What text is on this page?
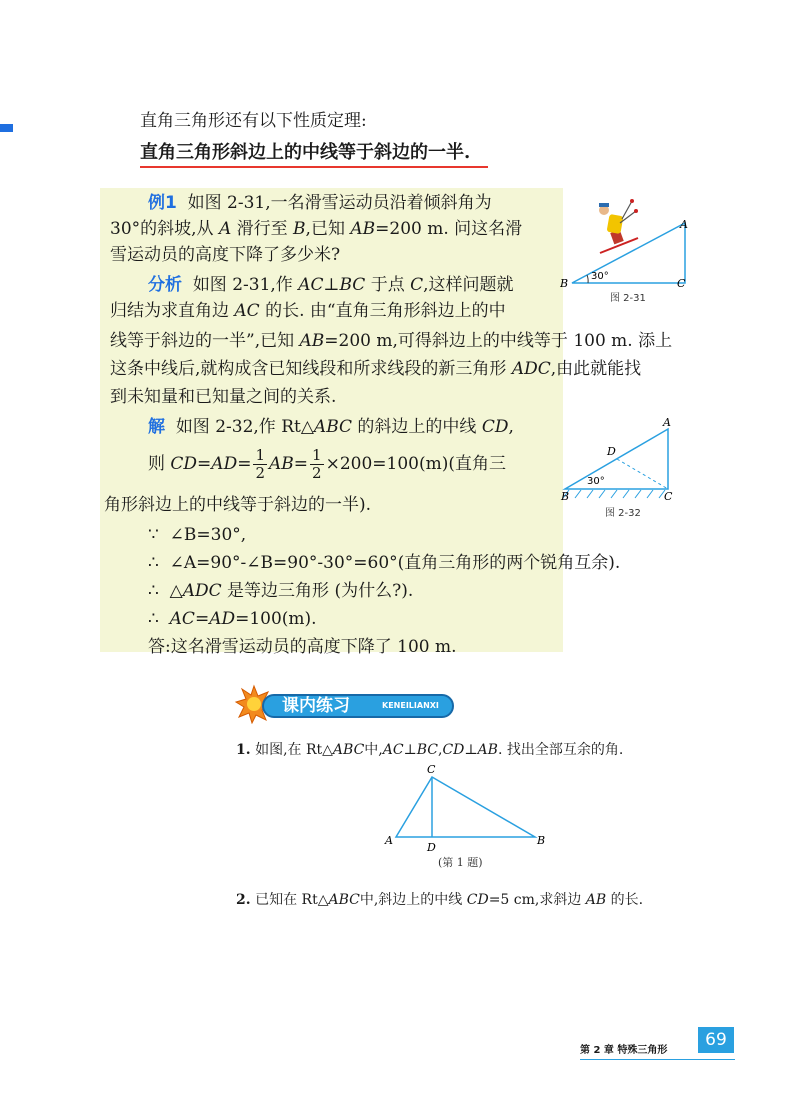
直角三角形还有以下性质定理:
直角三角形斜边上的中线等于斜边的一半.
例1 如图 2-31,一名滑雪运动员沿着倾斜角为
30°的斜坡,从 A 滑行至 B,已知 AB=200 m. 问这名滑
雪运动员的高度下降了多少米?
分析 如图 2-31,作 AC⊥BC 于点 C,这样问题就
归结为求直角边 AC 的长. 由“直角三角形斜边上的中
线等于斜边的一半”,已知 AB=200 m,可得斜边上的中线等于 100 m. 添上
这条中线后,就构成含已知线段和所求线段的新三角形 ADC,由此就能找
到未知量和已知量之间的关系.
解 如图 2-32,作 Rt△ABC 的斜边上的中线 CD,
则 $CD=AD= \frac{1}{2} AB= \frac{1}{2} \times 200=100(m)$(直角三
角形斜边上的中线等于斜边的一半).
∵ ∠B=30°,
∴ ∠A=90°-∠B=90°-30°=60°(直角三角形的两个锐角互余).
∴  △ADC 是等边三角形 (为什么?).
∴ AC=AD=100(m).
答:这名滑雪运动员的高度下降了 100 m.
B	C
A
30°
图 2-31
A
D
B	C
30°
图 2-32
课内练习	KENEILIANXI
1. 如图,在 Rt△ABC中,AC⊥BC,CD⊥AB. 找出全部互余的角.
C
A
D
B
(第 1 题)
2. 已知在 Rt△ABC中,斜边上的中线 CD=5 cm,求斜边 AB 的长.
第 2 章 特殊三角形
69
